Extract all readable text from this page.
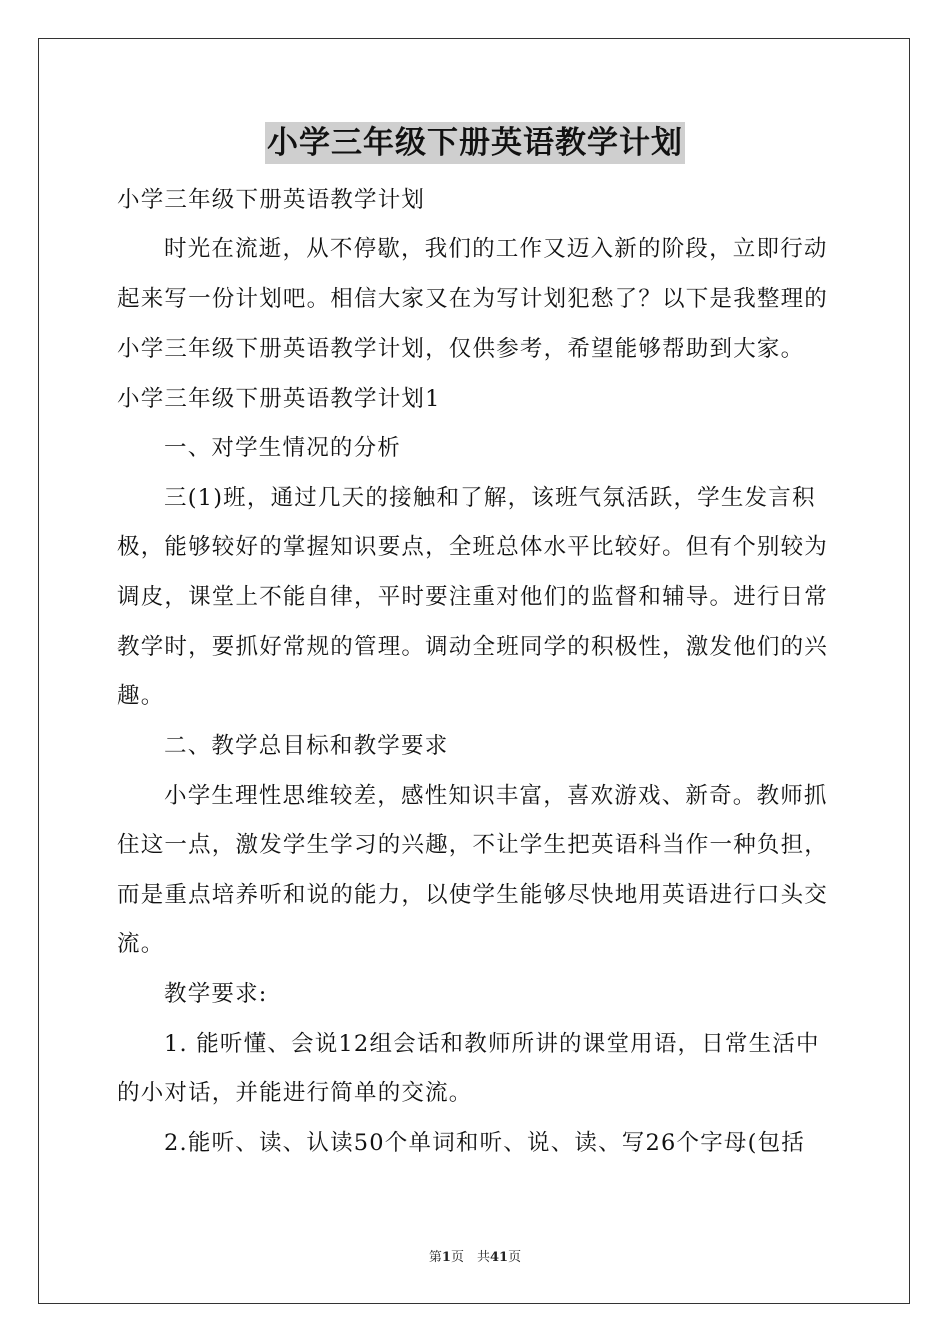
小学三年级下册英语教学计划
小学三年级下册英语教学计划
时光在流逝，从不停歇，我们的工作又迈入新的阶段，立即行动
起来写一份计划吧。相信大家又在为写计划犯愁了？以下是我整理的
小学三年级下册英语教学计划，仅供参考，希望能够帮助到大家。
小学三年级下册英语教学计划1
一、对学生情况的分析
三(1)班，通过几天的接触和了解，该班气氛活跃，学生发言积
极，能够较好的掌握知识要点，全班总体水平比较好。但有个别较为
调皮，课堂上不能自律，平时要注重对他们的监督和辅导。进行日常
教学时，要抓好常规的管理。调动全班同学的积极性，激发他们的兴
趣。
二、教学总目标和教学要求
小学生理性思维较差，感性知识丰富，喜欢游戏、新奇。教师抓
住这一点，激发学生学习的兴趣，不让学生把英语科当作一种负担，
而是重点培养听和说的能力，以使学生能够尽快地用英语进行口头交
流。
教学要求:
1. 能听懂、会说12组会话和教师所讲的课堂用语，日常生活中
的小对话，并能进行简单的交流。
2.能听、读、认读50个单词和听、说、读、写26个字母(包括
第1页　共41页
